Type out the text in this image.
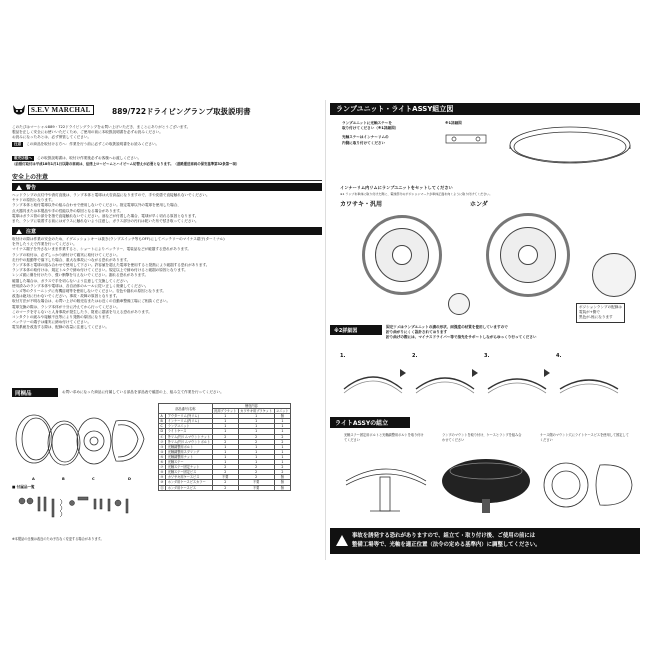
S.E.V MARCHAL	889/722ドライビングランプ取扱説明書
このたびはマーシャル889・722ドライビングランプをお買い上げいただき、まことにありがとうございます。
製品を正しく安全にお使いいただくため、ご使用の前に本取扱説明書を必ずお読みください。
お読みになったあとは、必ず保管してください。
注意	この商品を取付ける方へ：作業を行う前に必ずこの取扱説明書をお読みください。
販売店様へ	この取扱説明書は、取付け作業後必ずお客様へお渡しください。
（前照灯取付は平成18年1月1日以降の車両は、法律上ロービームとハイビーム切替えが必要となります。（道路運送車両の保安基準第32条第一項）
安全上の注意
警告
ヘッドランプの点灯中や消灯直後は、ランプ本体と電球は大変高温になりますので、手や皮膚で直接触れないでください。
ヤケドの原因となります。
ランプ本体と取付電球以外の組み合わせで使用しないでください。指定電球以外の電球を使用した場合、
点火器具または本製品や手の性能以外の原因となる場合があります。
電球はガラス管の部分を指で直接触れないでください。油などが付着した場合、電球が早く切れる原因となります。
また、ランプに装着する前にはガラスに触れないよう注意し、ガラス部分の汚れは乾いた布で拭き取ってください。
注意
取付けの際は作業の安全のため、イグニッションキーは抜き(ランプスイッチ等もOFF)にしてバッテリーのマイナス端子(ターミナル)
を外したうえで作業を行ってください。
マイナス端子を外さないまま作業すると、ショートによりバッテリー、電装品などが破損する恐れがあります。
ランプの取付は、必ずしっかり締付けて確実に取付けてください。
走行中の振動等で落下した場合、重大な事故につながる恐れがあります。
ランプ本体と電球の組み合わせで使用して下さい。許容値を超えた電球を使用すると発熱により破損する恐れがあります。
ランプ本体の取付けは、規定トルクで締め付けてください。規定以上で締め付けると破損の原因となります。
レンズ面に傷を付けたり、強い衝撃を与えないでください。割れる恐れがあります。
破損した場合は、ガラスで手を切らないよう注意して交換してください。
使用済みのランプ本体や電球は、各自治体のルールに従い正しく廃棄してください。
レンズ等のクリーニングに有機溶剤等を使用しないでください。変色や割れの原因となります。
改造は絶対に行わないでください。事故・故障の原因となります。
取付方法が不明な場合は、お買い上げの販売店またはお近くの自動車整備工場にご相談ください。
電球交換の際は、ランプ本体が十分に冷えてから行ってください。
このマークを守らないと人身事故が発生したり、財産に損害を与える恐れがあります。
コンタクトの緩みや接触不良等により発熱の原因になります。
バッテリーの端子は確実に締め付けてください。
電気系統を改造する際は、配線の容量に注意してください。
同梱品	お買い求めになった商品に付属している部品を部品表で確認の上、組み立て作業を行ってください。
A	B	C	D
■ 付属品一覧
※本製品の仕様は改良のため予告なく変更する場合があります。
部品番号/名称		梱包内容		
		汎用ブラケット	カワサキ用ブラケット	ユニット
A	アウターリム(外リム)	1	1	無
B	インナーリム(内リム)	1	1	1
C	ランプユニット	1	1	1
D	ライトケース	1	1	1
①	外リム/内リムマウントナット	2	2	2
②	外リム/内リムマウントボルト	2	2	2
③	光軸調整用ボルト	1	1	1
④	光軸調整用スプリング	1	1	1
⑤	光軸調整用ナット	1	1	1
⑥	光軸ステー	1	1	1
⑦	光軸ステー固定ナット	2	2	2
⑧	光軸ステー固定ビス	2	2	2
⑨	カワサキ用ケースビス	不要	2	無
⑩	ホンダ用ケースビスカラー	2	不要	無
⑪	ホンダ用ケースビス	2	不要	無
ランプユニット・ライトASSY組立図
ランプユニットに光軸ステーを
取り付けてください（※1詳細図）
光軸ステーはインナーリムの
内側に取り付けてください
※1詳細図
インナーリム内リムにランプユニットをセットしてください
※1 ランプを車体に取り付けた際に、電球部分のポジションマークが車体正面を向くように取り付けてください。
カワサキ・汎用	ホンダ
ポジションランプの配線は
電装が+側で
黒色が-極になります
※2詳細図
固定ツメはランプユニットの溝の形状、面強度の材質を使用していますので
折り曲がりにくく設計されております
折り曲げの際には、マイナスドライバー等で指先をサポートしながらゆっくり行ってください
1.	2.	3.	4.
ライトASSYの組立
光軸ステー固定用ボルトと光軸調整用ボルトを取り付けてください
ランプのマウントを取り付け、ケースとランプを組み合わせてください
ケース側のマウント穴にライトケースビスを使用して固定してください
事故を誘発する恐れがありますので、組立て・取り付け後、ご使用の前には
整備工場等で、光軸を適正位置（法令の定める基準内）に調整してください。
